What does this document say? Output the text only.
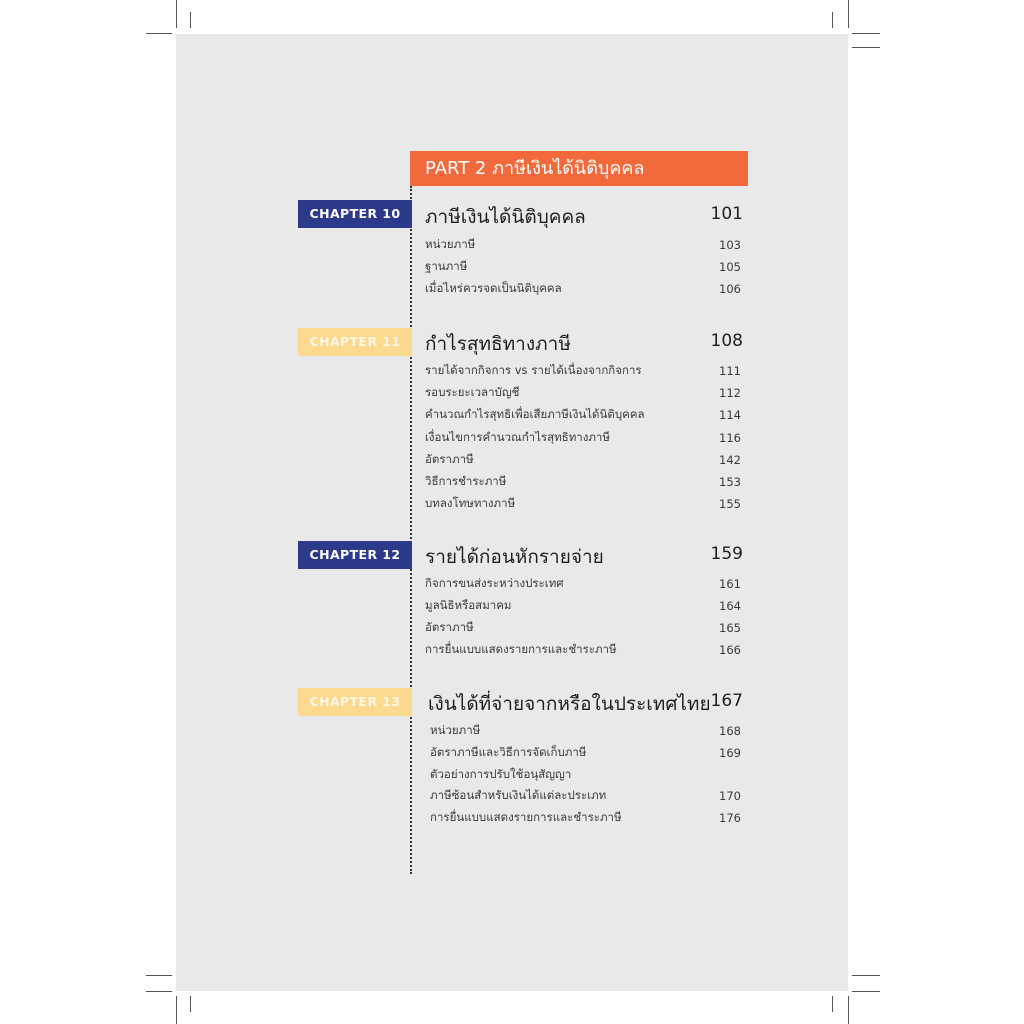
PART 2 ภาษีเงินได้นิติบุคคล
CHAPTER 10	ภาษีเงินได้นิติบุคคล	101
หน่วยภาษี	103
ฐานภาษี	105
เมื่อไหร่ควรจดเป็นนิติบุคคล	106
CHAPTER 11	กำไรสุทธิทางภาษี	108
รายได้จากกิจการ vs รายได้เนื่องจากกิจการ	111
รอบระยะเวลาบัญชี	112
คำนวณกำไรสุทธิเพื่อเสียภาษีเงินได้นิติบุคคล	114
เงื่อนไขการคำนวณกำไรสุทธิทางภาษี	116
อัตราภาษี	142
วิธีการชำระภาษี	153
บทลงโทษทางภาษี	155
CHAPTER 12	รายได้ก่อนหักรายจ่าย	159
กิจการขนส่งระหว่างประเทศ	161
มูลนิธิหรือสมาคม	164
อัตราภาษี	165
การยื่นแบบแสดงรายการและชำระภาษี	166
CHAPTER 13	เงินได้ที่จ่ายจากหรือในประเทศไทย 167
หน่วยภาษี	168
อัตราภาษีและวิธีการจัดเก็บภาษี	169
ตัวอย่างการปรับใช้อนุสัญญา
ภาษีซ้อนสำหรับเงินได้แต่ละประเภท	170
การยื่นแบบแสดงรายการและชำระภาษี	176
